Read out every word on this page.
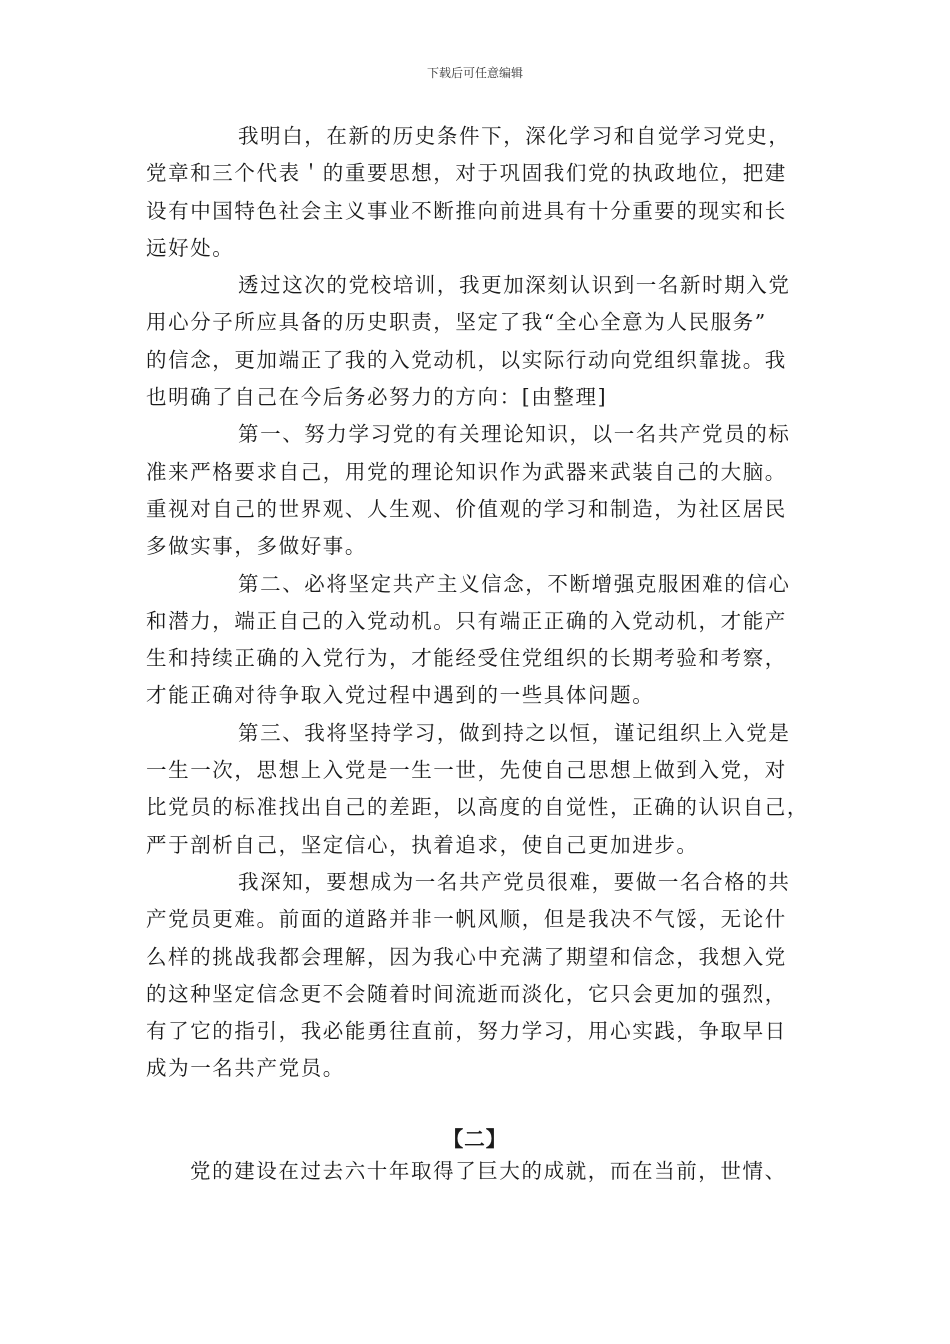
下载后可任意编辑

我明白，在新的历史条件下，深化学习和自觉学习党史，
党章和三个代表＇的重要思想，对于巩固我们党的执政地位，把建
设有中国特色社会主义事业不断推向前进具有十分重要的现实和长
远好处。

透过这次的党校培训，我更加深刻认识到一名新时期入党
用心分子所应具备的历史职责，坚定了我“全心全意为人民服务”
的信念，更加端正了我的入党动机，以实际行动向党组织靠拢。我
也明确了自己在今后务必努力的方向：[由整理]

第一、努力学习党的有关理论知识，以一名共产党员的标
准来严格要求自己，用党的理论知识作为武器来武装自己的大脑。
重视对自己的世界观、人生观、价值观的学习和制造，为社区居民
多做实事，多做好事。

第二、必将坚定共产主义信念，不断增强克服困难的信心
和潜力，端正自己的入党动机。只有端正正确的入党动机，才能产
生和持续正确的入党行为，才能经受住党组织的长期考验和考察，
才能正确对待争取入党过程中遇到的一些具体问题。

第三、我将坚持学习，做到持之以恒，谨记组织上入党是
一生一次，思想上入党是一生一世，先使自己思想上做到入党，对
比党员的标准找出自己的差距，以高度的自觉性，正确的认识自己，
严于剖析自己，坚定信心，执着追求，使自己更加进步。

我深知，要想成为一名共产党员很难，要做一名合格的共
产党员更难。前面的道路并非一帆风顺，但是我决不气馁，无论什
么样的挑战我都会理解，因为我心中充满了期望和信念，我想入党
的这种坚定信念更不会随着时间流逝而淡化，它只会更加的强烈，
有了它的指引，我必能勇往直前，努力学习，用心实践，争取早日
成为一名共产党员。

【二】
党的建设在过去六十年取得了巨大的成就，而在当前，世情、
